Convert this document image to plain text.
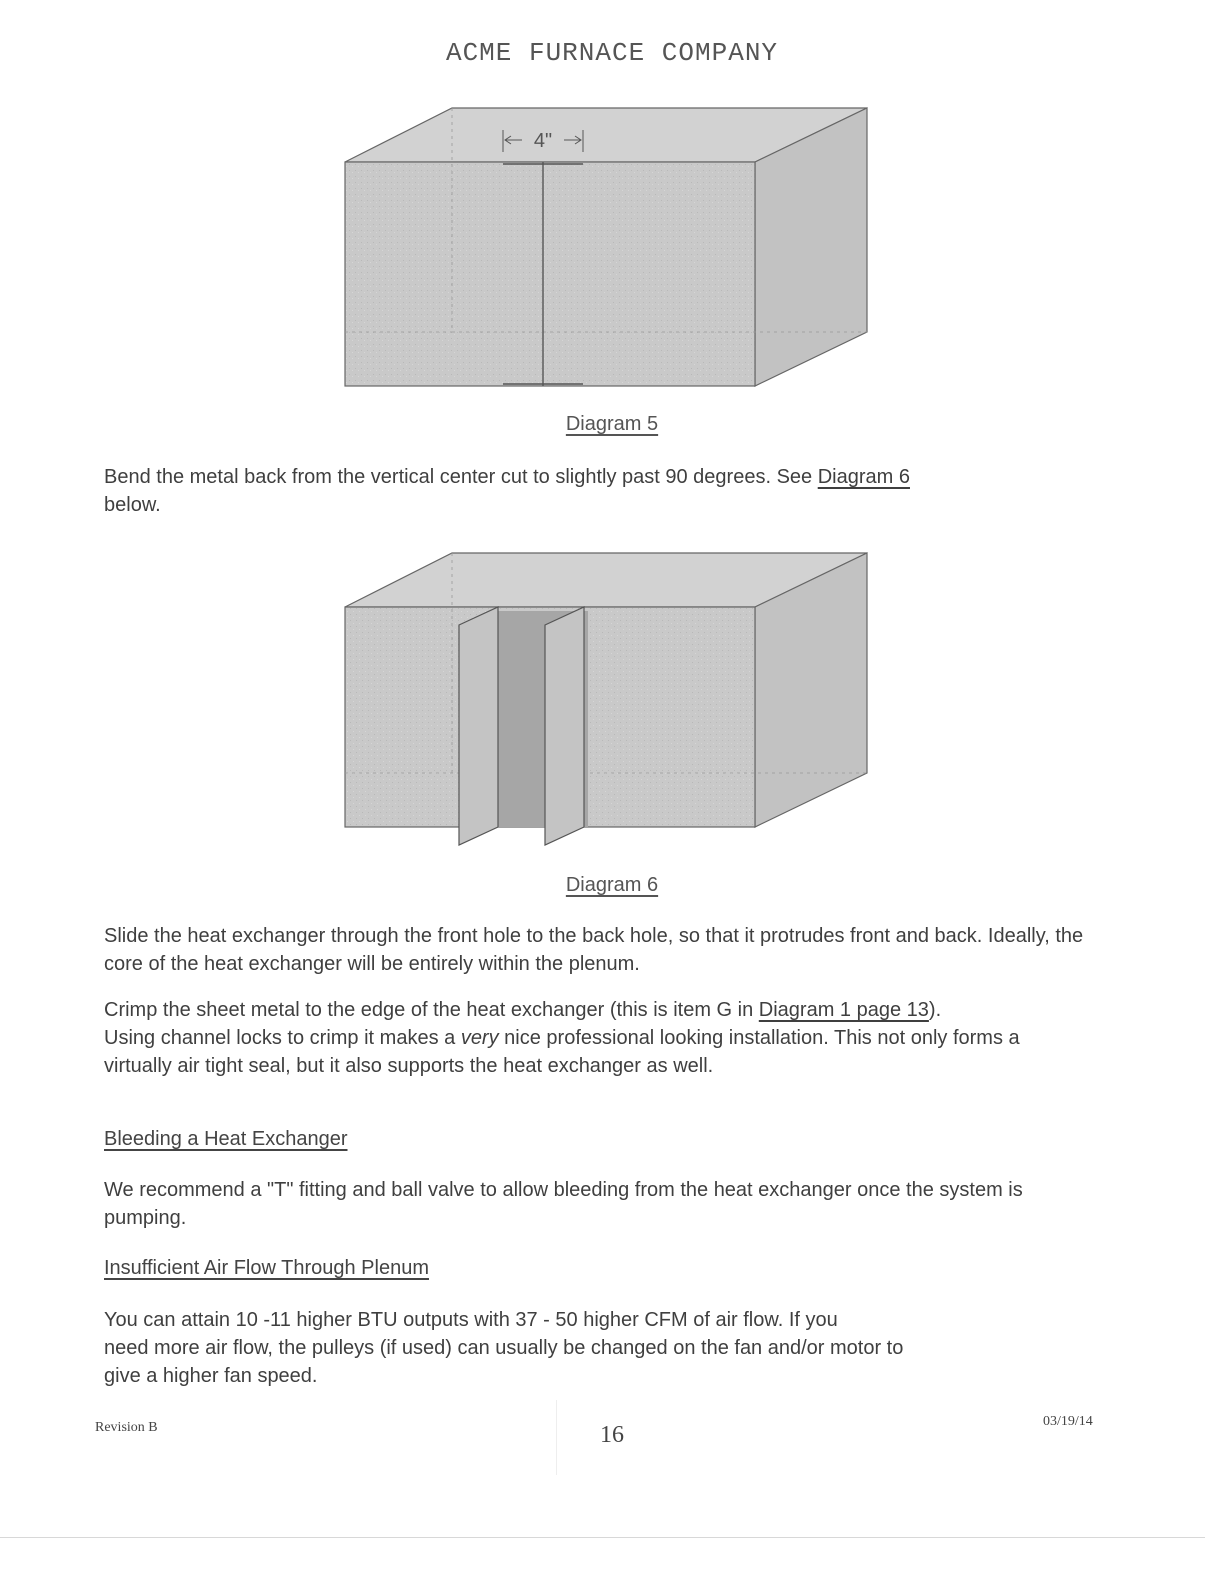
ACME FURNACE COMPANY
4"
Diagram 5

Bend the metal back from the vertical center cut to slightly past 90 degrees. See Diagram 6
below.

Diagram 6

Slide the heat exchanger through the front hole to the back hole, so that it protrudes front and back. Ideally, the core of the heat exchanger will be entirely within the plenum.

Crimp the sheet metal to the edge of the heat exchanger (this is item G in Diagram 1 page 13).
Using channel locks to crimp it makes a very nice professional looking installation. This not only forms a virtually air tight seal, but it also supports the heat exchanger as well.

Bleeding a Heat Exchanger

We recommend a "T" fitting and ball valve to allow bleeding from the heat exchanger once the system is pumping.

Insufficient Air Flow Through Plenum

You can attain 10 -11 higher BTU outputs with 37 - 50 higher CFM of air flow. If you
need more air flow, the pulleys (if used) can usually be changed on the fan and/or motor to
give a higher fan speed.

Revision B	16
03/19/14
